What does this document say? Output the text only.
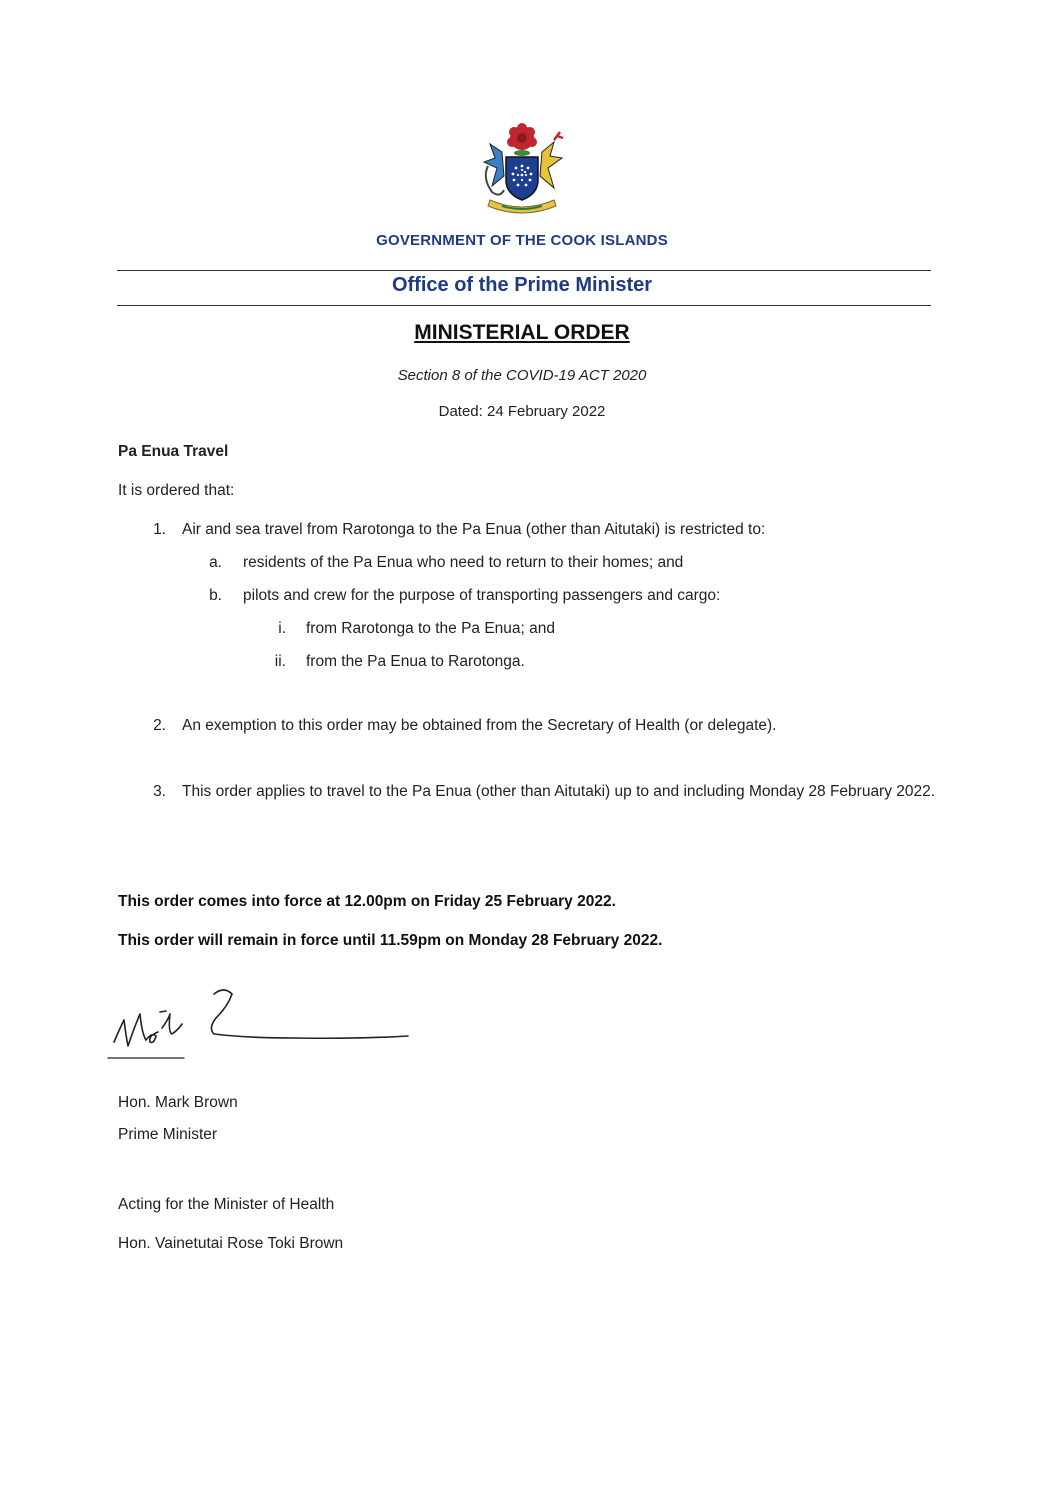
GOVERNMENT OF THE COOK ISLANDS
Office of the Prime Minister
MINISTERIAL ORDER
Section 8 of the COVID-19 ACT 2020
Dated: 24 February 2022
Pa Enua Travel
It is ordered that:
1. Air and sea travel from Rarotonga to the Pa Enua (other than Aitutaki) is restricted to:
a. residents of the Pa Enua who need to return to their homes; and
b. pilots and crew for the purpose of transporting passengers and cargo:
i. from Rarotonga to the Pa Enua; and
ii. from the Pa Enua to Rarotonga.
2. An exemption to this order may be obtained from the Secretary of Health (or delegate).
3. This order applies to travel to the Pa Enua (other than Aitutaki) up to and including Monday 28 February 2022.
This order comes into force at 12.00pm on Friday 25 February 2022.
This order will remain in force until 11.59pm on Monday 28 February 2022.
Hon. Mark Brown
Prime Minister
Acting for the Minister of Health
Hon. Vainetutai Rose Toki Brown
